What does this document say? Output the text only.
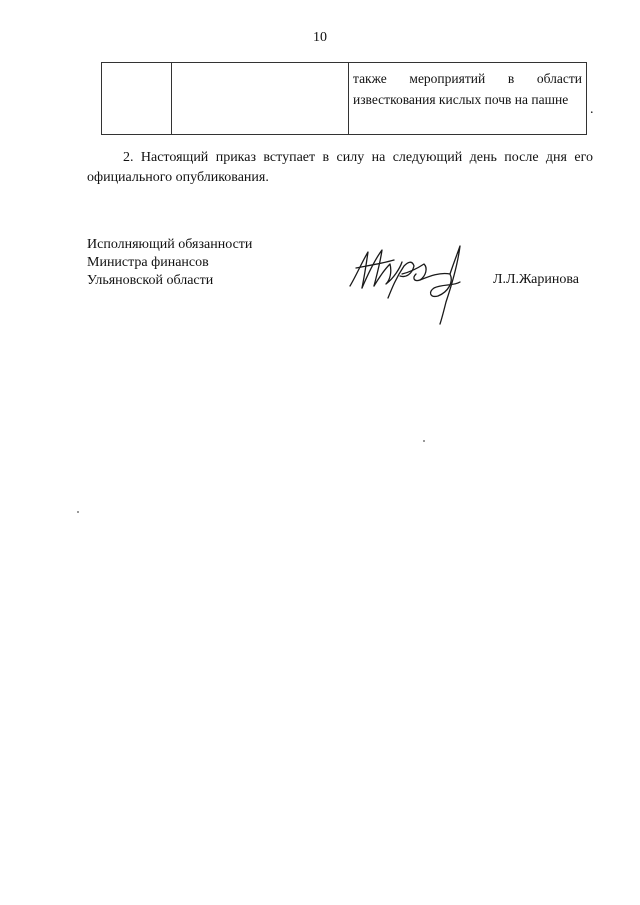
10

также мероприятий в области
известкования кислых почв на пашне
.

2. Настоящий приказ вступает в силу на следующий день после дня его
официального опубликования.

Исполняющий обязанности
Министра финансов
Ульяновской области	Л.Л.Жаринова
